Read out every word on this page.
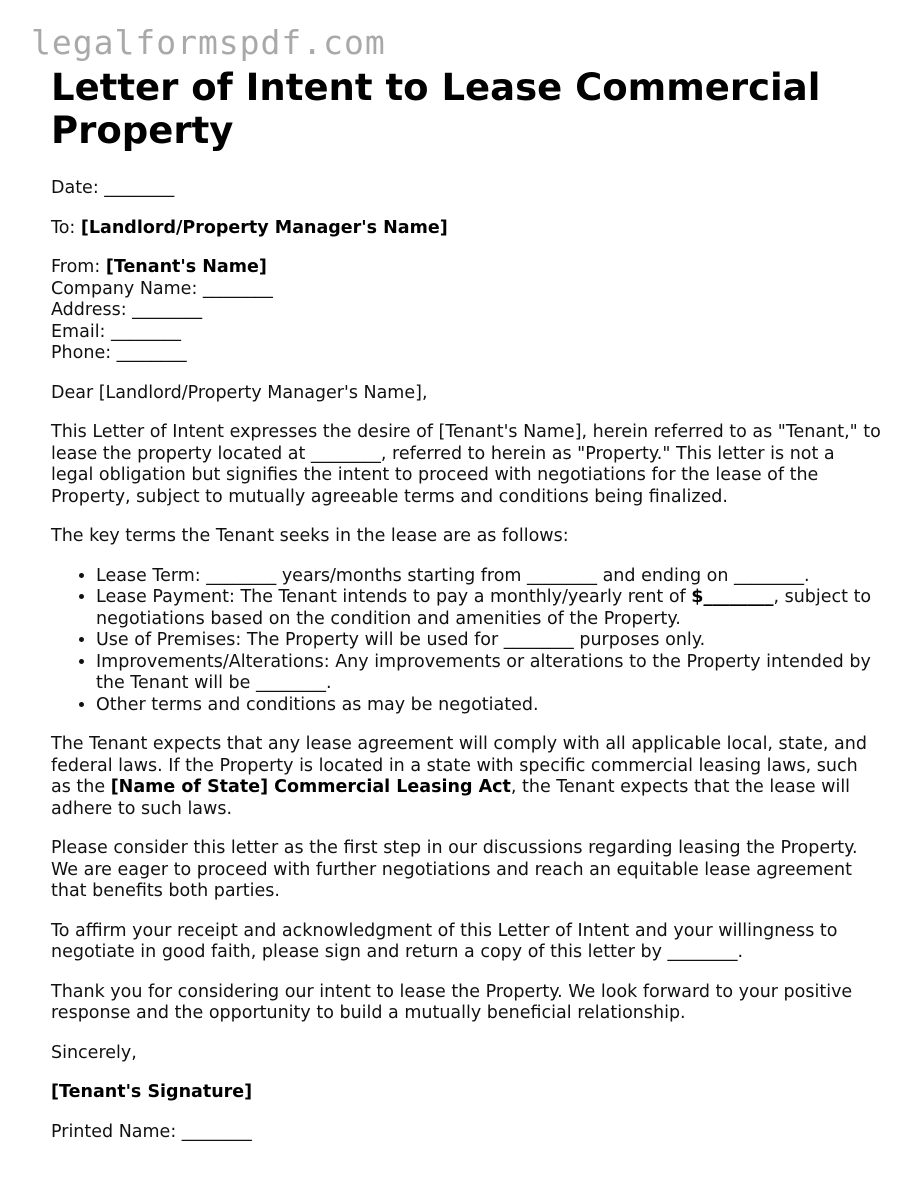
legalformspdf.com
Letter of Intent to Lease Commercial Property

Date: ________

To: [Landlord/Property Manager's Name]

From: [Tenant's Name]

Company Name: ________

Address: ________

Email: ________

Phone: ________

Dear [Landlord/Property Manager's Name],

This Letter of Intent expresses the desire of [Tenant's Name], herein referred to as "Tenant," to lease the property located at ________, referred to herein as "Property." This letter is not a legal obligation but signifies the intent to proceed with negotiations for the lease of the Property, subject to mutually agreeable terms and conditions being finalized.

The key terms the Tenant seeks in the lease are as follows:

• Lease Term: ________ years/months starting from ________ and ending on ________.
• Lease Payment: The Tenant intends to pay a monthly/yearly rent of $________, subject to negotiations based on the condition and amenities of the Property.
• Use of Premises: The Property will be used for ________ purposes only.
• Improvements/Alterations: Any improvements or alterations to the Property intended by the Tenant will be ________.
• Other terms and conditions as may be negotiated.

The Tenant expects that any lease agreement will comply with all applicable local, state, and federal laws. If the Property is located in a state with specific commercial leasing laws, such as the [Name of State] Commercial Leasing Act, the Tenant expects that the lease will adhere to such laws.

Please consider this letter as the first step in our discussions regarding leasing the Property. We are eager to proceed with further negotiations and reach an equitable lease agreement that benefits both parties.

To affirm your receipt and acknowledgment of this Letter of Intent and your willingness to negotiate in good faith, please sign and return a copy of this letter by ________.

Thank you for considering our intent to lease the Property. We look forward to your positive response and the opportunity to build a mutually beneficial relationship.

Sincerely,

[Tenant's Signature]

Printed Name: ________
